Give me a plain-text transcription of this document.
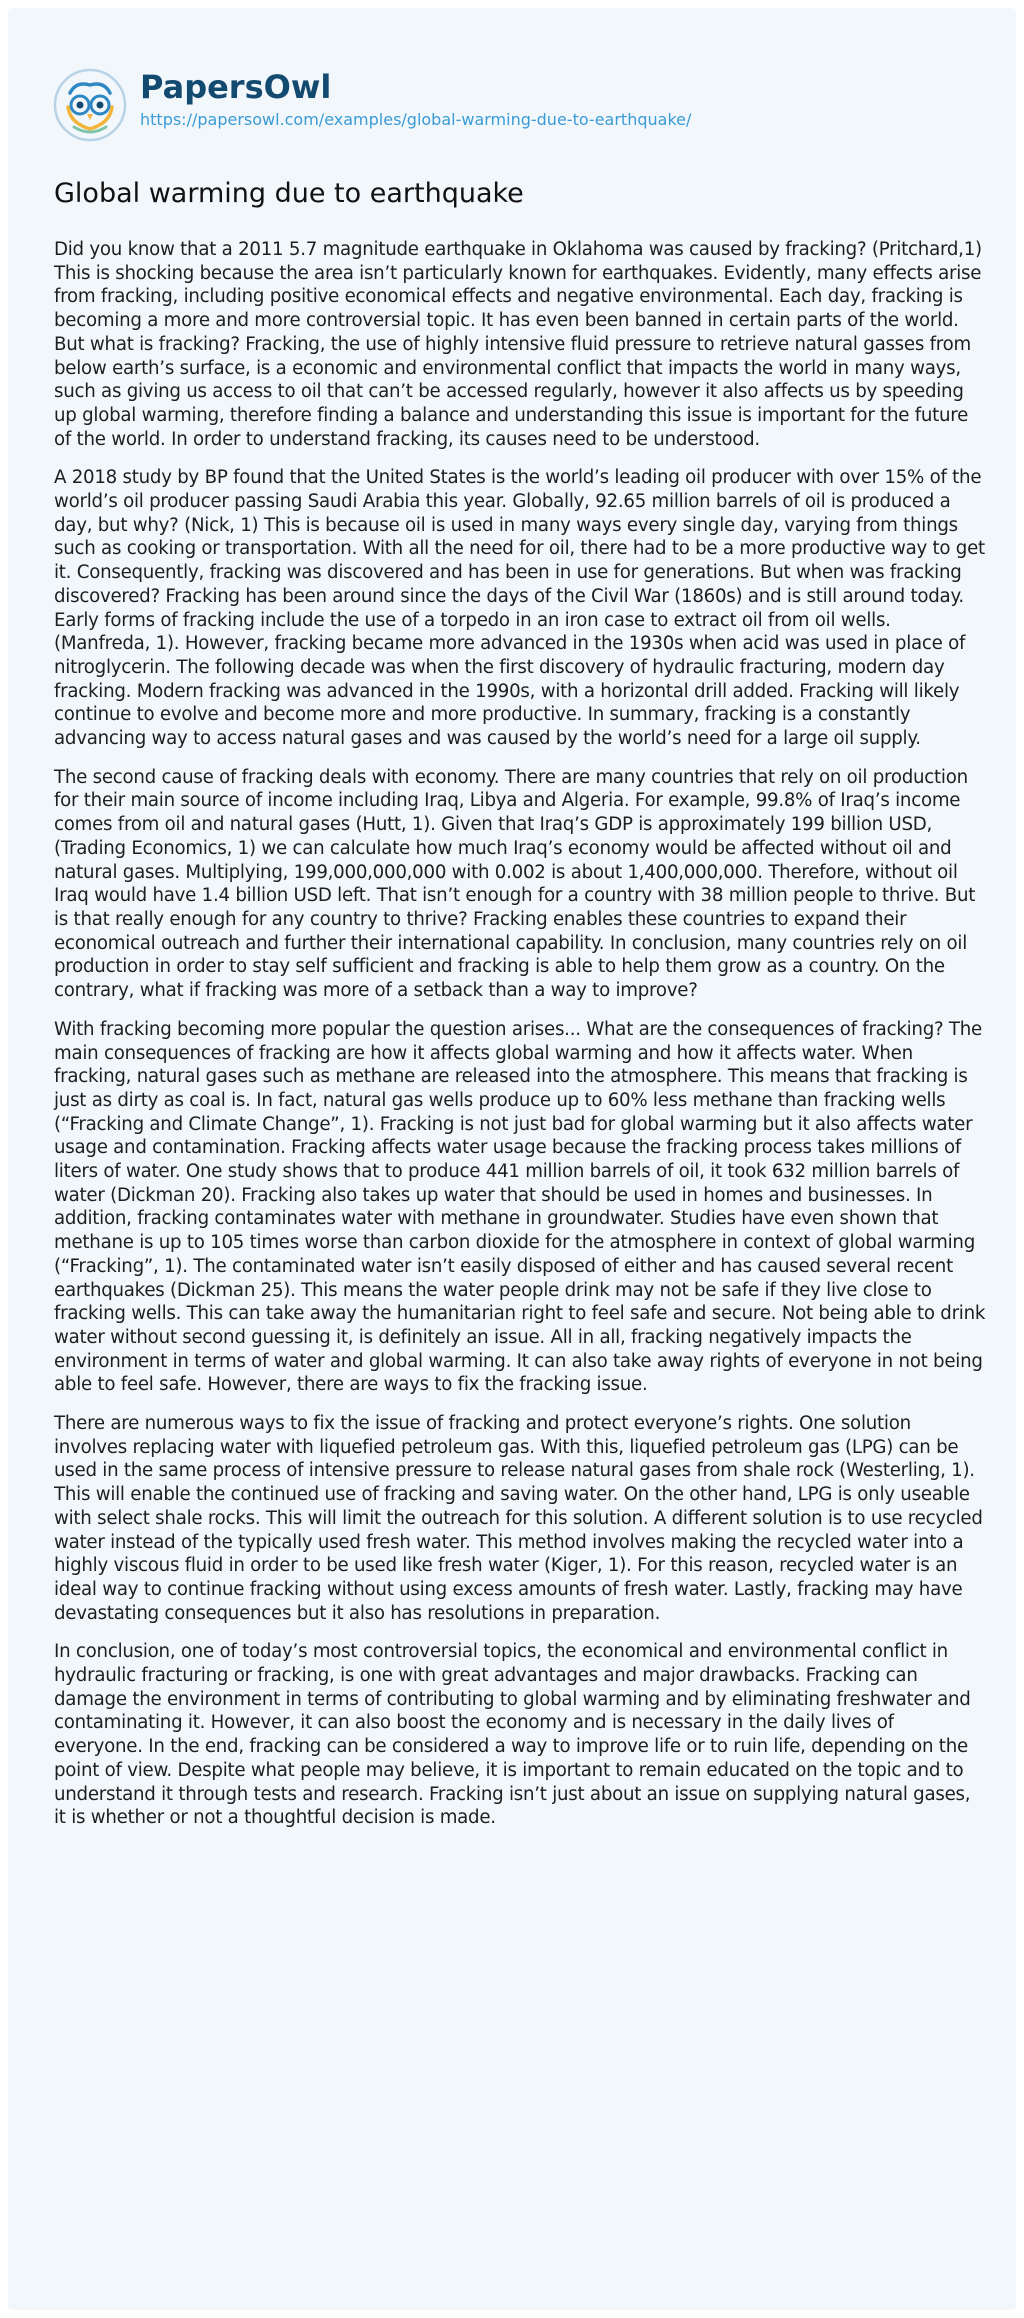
PapersOwl
https://papersowl.com/examples/global-warming-due-to-earthquake/
Global warming due to earthquake

Did you know that a 2011 5.7 magnitude earthquake in Oklahoma was caused by fracking? (Pritchard,1) This is shocking because the area isn’t particularly known for earthquakes. Evidently, many effects arise from fracking, including positive economical effects and negative environmental. Each day, fracking is becoming a more and more controversial topic. It has even been banned in certain parts of the world. But what is fracking? Fracking, the use of highly intensive fluid pressure to retrieve natural gasses from below earth’s surface, is a economic and environmental conflict that impacts the world in many ways, such as giving us access to oil that can’t be accessed regularly, however it also affects us by speeding up global warming, therefore finding a balance and understanding this issue is important for the future of the world. In order to understand fracking, its causes need to be understood.

A 2018 study by BP found that the United States is the world’s leading oil producer with over 15% of the world’s oil producer passing Saudi Arabia this year. Globally, 92.65 million barrels of oil is produced a day, but why? (Nick, 1) This is because oil is used in many ways every single day, varying from things such as cooking or transportation. With all the need for oil, there had to be a more productive way to get it. Consequently, fracking was discovered and has been in use for generations. But when was fracking discovered? Fracking has been around since the days of the Civil War (1860s) and is still around today. Early forms of fracking include the use of a torpedo in an iron case to extract oil from oil wells. (Manfreda, 1). However, fracking became more advanced in the 1930s when acid was used in place of nitroglycerin. The following decade was when the first discovery of hydraulic fracturing, modern day fracking. Modern fracking was advanced in the 1990s, with a horizontal drill added. Fracking will likely continue to evolve and become more and more productive. In summary, fracking is a constantly advancing way to access natural gases and was caused by the world’s need for a large oil supply.

The second cause of fracking deals with economy. There are many countries that rely on oil production for their main source of income including Iraq, Libya and Algeria. For example, 99.8% of Iraq’s income comes from oil and natural gases (Hutt, 1). Given that Iraq’s GDP is approximately 199 billion USD, (Trading Economics, 1) we can calculate how much Iraq’s economy would be affected without oil and natural gases. Multiplying, 199,000,000,000 with 0.002 is about 1,400,000,000. Therefore, without oil Iraq would have 1.4 billion USD left. That isn’t enough for a country with 38 million people to thrive. But is that really enough for any country to thrive? Fracking enables these countries to expand their economical outreach and further their international capability. In conclusion, many countries rely on oil production in order to stay self sufficient and fracking is able to help them grow as a country. On the contrary, what if fracking was more of a setback than a way to improve?

With fracking becoming more popular the question arises... What are the consequences of fracking? The main consequences of fracking are how it affects global warming and how it affects water. When fracking, natural gases such as methane are released into the atmosphere. This means that fracking is just as dirty as coal is. In fact, natural gas wells produce up to 60% less methane than fracking wells (“Fracking and Climate Change”, 1). Fracking is not just bad for global warming but it also affects water usage and contamination. Fracking affects water usage because the fracking process takes millions of liters of water. One study shows that to produce 441 million barrels of oil, it took 632 million barrels of water (Dickman 20). Fracking also takes up water that should be used in homes and businesses. In addition, fracking contaminates water with methane in groundwater. Studies have even shown that methane is up to 105 times worse than carbon dioxide for the atmosphere in context of global warming (“Fracking”, 1). The contaminated water isn’t easily disposed of either and has caused several recent earthquakes (Dickman 25). This means the water people drink may not be safe if they live close to fracking wells. This can take away the humanitarian right to feel safe and secure. Not being able to drink water without second guessing it, is definitely an issue. All in all, fracking negatively impacts the environment in terms of water and global warming. It can also take away rights of everyone in not being able to feel safe. However, there are ways to fix the fracking issue.

There are numerous ways to fix the issue of fracking and protect everyone’s rights. One solution involves replacing water with liquefied petroleum gas. With this, liquefied petroleum gas (LPG) can be used in the same process of intensive pressure to release natural gases from shale rock (Westerling, 1). This will enable the continued use of fracking and saving water. On the other hand, LPG is only useable with select shale rocks. This will limit the outreach for this solution. A different solution is to use recycled water instead of the typically used fresh water. This method involves making the recycled water into a highly viscous fluid in order to be used like fresh water (Kiger, 1). For this reason, recycled water is an ideal way to continue fracking without using excess amounts of fresh water. Lastly, fracking may have devastating consequences but it also has resolutions in preparation.

In conclusion, one of today’s most controversial topics, the economical and environmental conflict in hydraulic fracturing or fracking, is one with great advantages and major drawbacks. Fracking can damage the environment in terms of contributing to global warming and by eliminating freshwater and contaminating it. However, it can also boost the economy and is necessary in the daily lives of everyone. In the end, fracking can be considered a way to improve life or to ruin life, depending on the point of view. Despite what people may believe, it is important to remain educated on the topic and to understand it through tests and research. Fracking isn’t just about an issue on supplying natural gases, it is whether or not a thoughtful decision is made.
